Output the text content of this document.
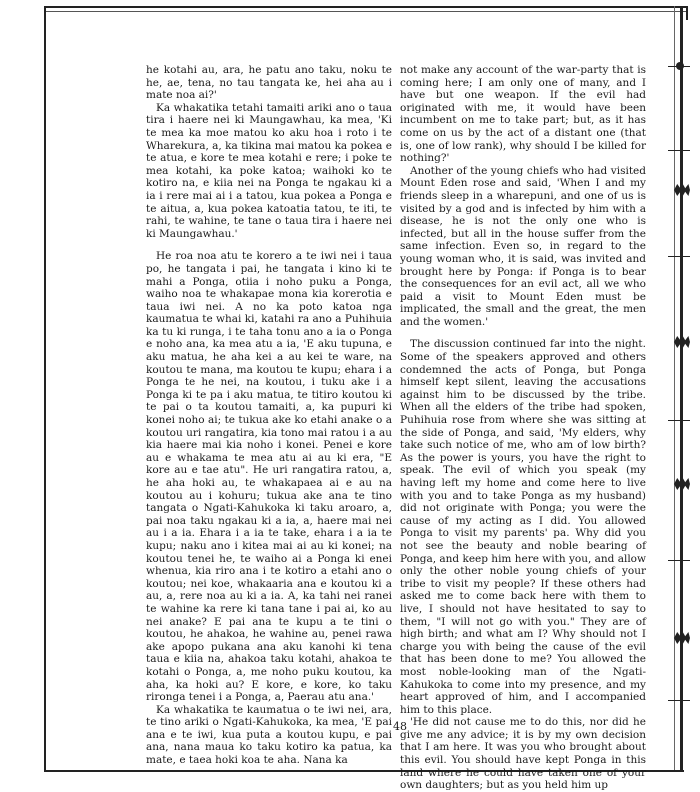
he kotahi au, ara, he patu ano taku, noku te he, ae, tena, no tau tangata ke, hei aha au i mate noa ai?'

Ka whakatika tetahi tamaiti ariki ano o taua tira i haere nei ki Maungawhau, ka mea, 'Ki te mea ka moe matou ko aku hoa i roto i te Wharekura, a, ka tikina mai matou ka pokea e te atua, e kore te mea kotahi e rere; i poke te mea kotahi, ka poke katoa; waihoki ko te kotiro na, e kiia nei na Ponga te ngakau ki a ia i rere mai ai i a tatou, kua pokea a Ponga e te aitua, a, kua pokea katoatia tatou, te iti, te rahi, te wahine, te tane o taua tira i haere nei ki Maungawhau.'

He roa noa atu te korero a te iwi nei i taua po, he tangata i pai, he tangata i kino ki te mahi a Ponga, otiia i noho puku a Ponga, waiho noa te whakapae mona kia korerotia e taua iwi nei. A no ka poto katoa nga kaumatua te whai ki, katahi ra ano a Puhihuia ka tu ki runga, i te taha tonu ano a ia o Ponga e noho ana, ka mea atu a ia, 'E aku tupuna, e aku matua, he aha kei a au kei te ware, na koutou te mana, ma koutou te kupu; ehara i a Ponga te he nei, na koutou, i tuku ake i a Ponga ki te pa i aku matua, te titiro koutou ki te pai o ta koutou tamaiti, a, ka pupuri ki konei noho ai; te tukua ake ko etahi anake o a koutou uri rangatira, kia tono mai ratou i a au kia haere mai kia noho i konei. Penei e kore au e whakama te mea atu ai au ki era, "E kore au e tae atu". He uri rangatira ratou, a, he aha hoki au, te whakapaea ai e au na koutou au i kohuru; tukua ake ana te tino tangata o Ngati-Kahukoka ki taku aroaro, a, pai noa taku ngakau ki a ia, a, haere mai nei au i a ia. Ehara i a ia te take, ehara i a ia te kupu; naku ano i kitea mai ai au ki konei; na koutou tenei he, te waiho ai a Ponga ki enei whenua, kia riro ana i te kotiro a etahi ano o koutou; nei koe, whakaaria ana e koutou ki a au, a, rere noa au ki a ia. A, ka tahi nei ranei te wahine ka rere ki tana tane i pai ai, ko au nei anake? E pai ana te kupu a te tini o koutou, he ahakoa, he wahine au, penei rawa ake apopo pukana ana aku kanohi ki tena taua e kiia na, ahakoa taku kotahi, ahakoa te kotahi o Ponga, a, me noho puku koutou, ka aha, ka hoki au? E kore, e kore, ko taku rironga tenei i a Ponga, a, Paerau atu ana.'

Ka whakatika te kaumatua o te iwi nei, ara, te tino ariki o Ngati-Kahukoka, ka mea, 'E pai ana e te iwi, kua puta a koutou kupu, e pai ana, nana maua ko taku kotiro ka patua, ka mate, e taea hoki koa te aha. Nana ka

not make any account of the war-party that is coming here; I am only one of many, and I have but one weapon. If the evil had originated with me, it would have been incumbent on me to take part; but, as it has come on us by the act of a distant one (that is, one of low rank), why should I be killed for nothing?'

Another of the young chiefs who had visited Mount Eden rose and said, 'When I and my friends sleep in a wharepuni, and one of us is visited by a god and is infected by him with a disease, he is not the only one who is infected, but all in the house suffer from the same infection. Even so, in regard to the young woman who, it is said, was invited and brought here by Ponga: if Ponga is to bear the consequences for an evil act, all we who paid a visit to Mount Eden must be implicated, the small and the great, the men and the women.'

The discussion continued far into the night. Some of the speakers approved and others condemned the acts of Ponga, but Ponga himself kept silent, leaving the accusations against him to be discussed by the tribe. When all the elders of the tribe had spoken, Puhihuia rose from where she was sitting at the side of Ponga, and said, 'My elders, why take such notice of me, who am of low birth? As the power is yours, you have the right to speak. The evil of which you speak (my having left my home and come here to live with you and to take Ponga as my husband) did not originate with Ponga; you were the cause of my acting as I did. You allowed Ponga to visit my parents' pa. Why did you not see the beauty and noble bearing of Ponga, and keep him here with you, and allow only the other noble young chiefs of your tribe to visit my people? If these others had asked me to come back here with them to live, I should not have hesitated to say to them, "I will not go with you." They are of high birth; and what am I? Why should not I charge you with being the cause of the evil that has been done to me? You allowed the most noble-looking man of the Ngati-Kahukoka to come into my presence, and my heart approved of him, and I accompanied him to this place.

'He did not cause me to do this, nor did he give me any advice; it is by my own decision that I am here. It was you who brought about this evil. You should have kept Ponga in this land where he could have taken one of your own daughters; but as you held him up

48
